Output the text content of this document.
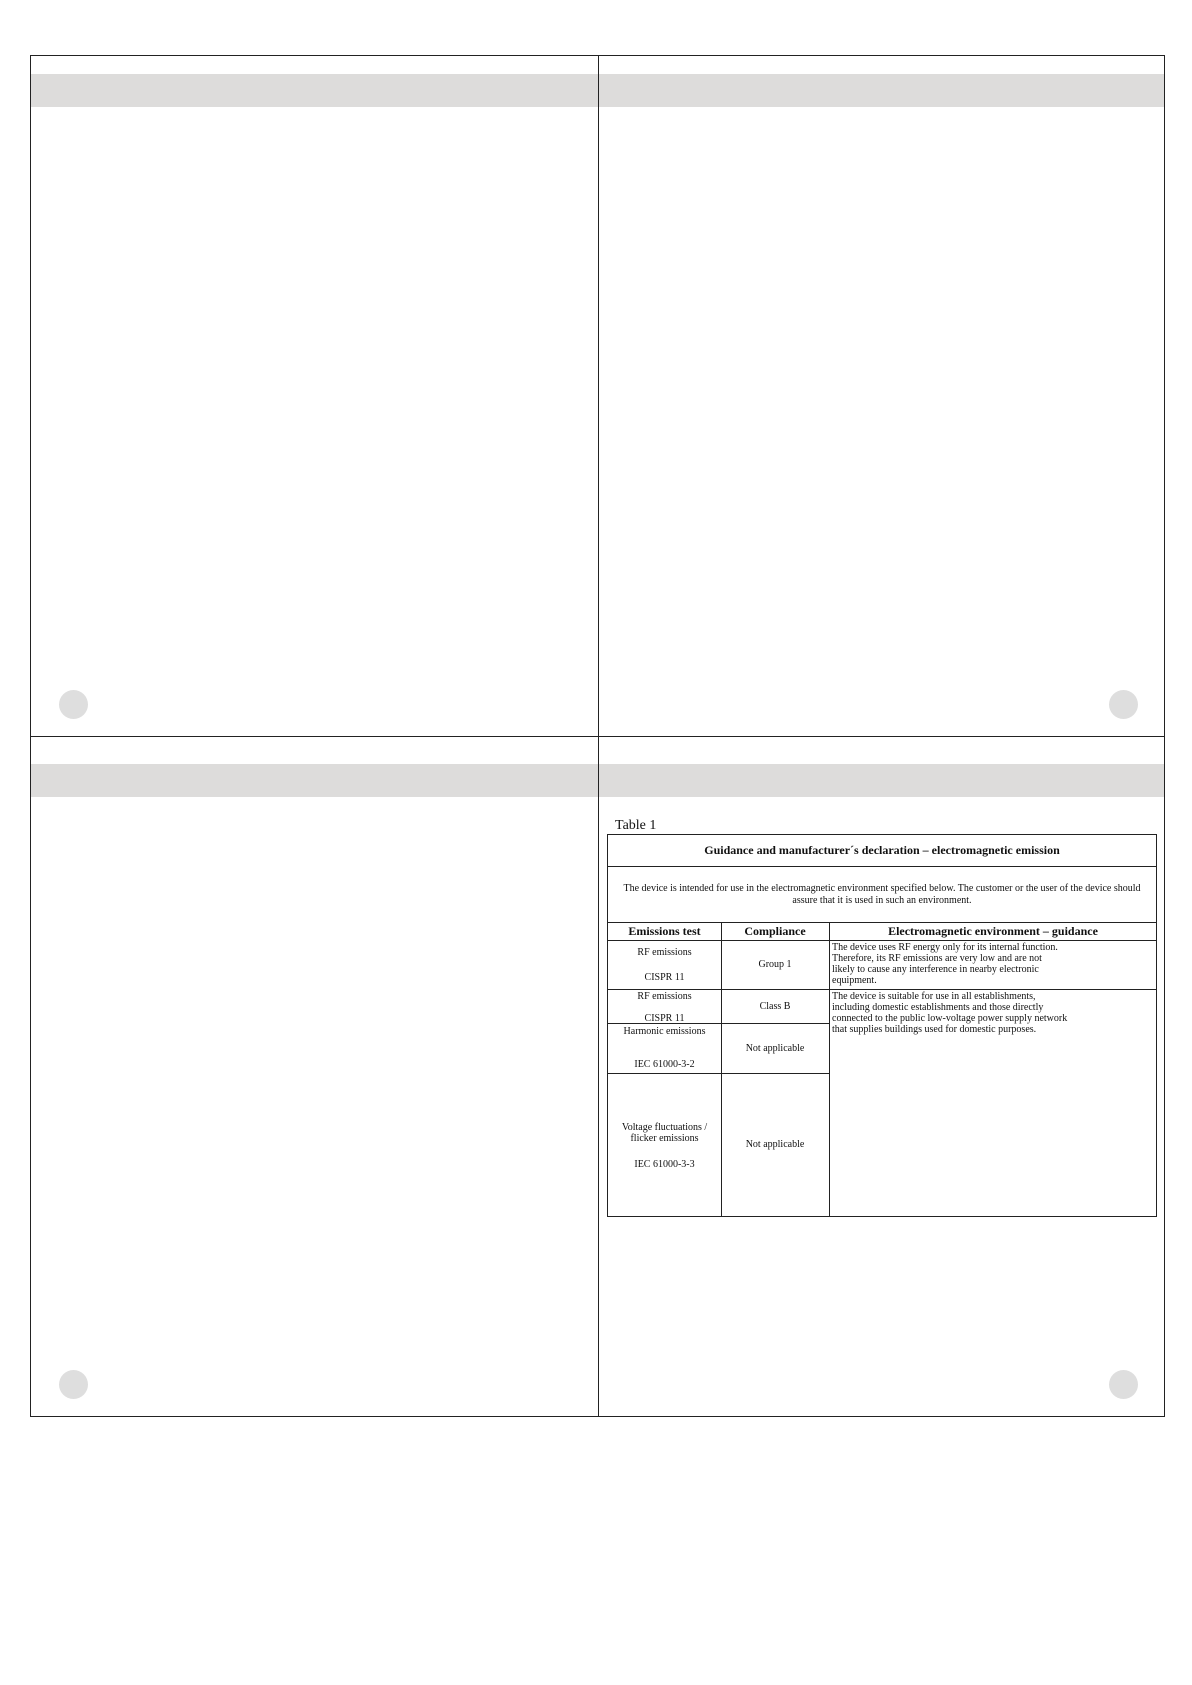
Table 1
Guidance and manufacturer´s declaration – electromagnetic emission
The device is intended for use in the electromagnetic environment specified below. The customer or the user of the device should assure that it is used in such an environment.
Emissions test	Compliance	Electromagnetic environment – guidance
RF emissions
CISPR 11
Group 1
The device uses RF energy only for its internal function. Therefore, its RF emissions are very low and are not likely to cause any interference in nearby electronic equipment.
RF emissions
CISPR 11
Class B
The device is suitable for use in all establishments, including domestic establishments and those directly connected to the public low-voltage power supply network that supplies buildings used for domestic purposes.
Harmonic emissions
IEC 61000-3-2
Not applicable
Voltage fluctuations / flicker emissions
IEC 61000-3-3
Not applicable
